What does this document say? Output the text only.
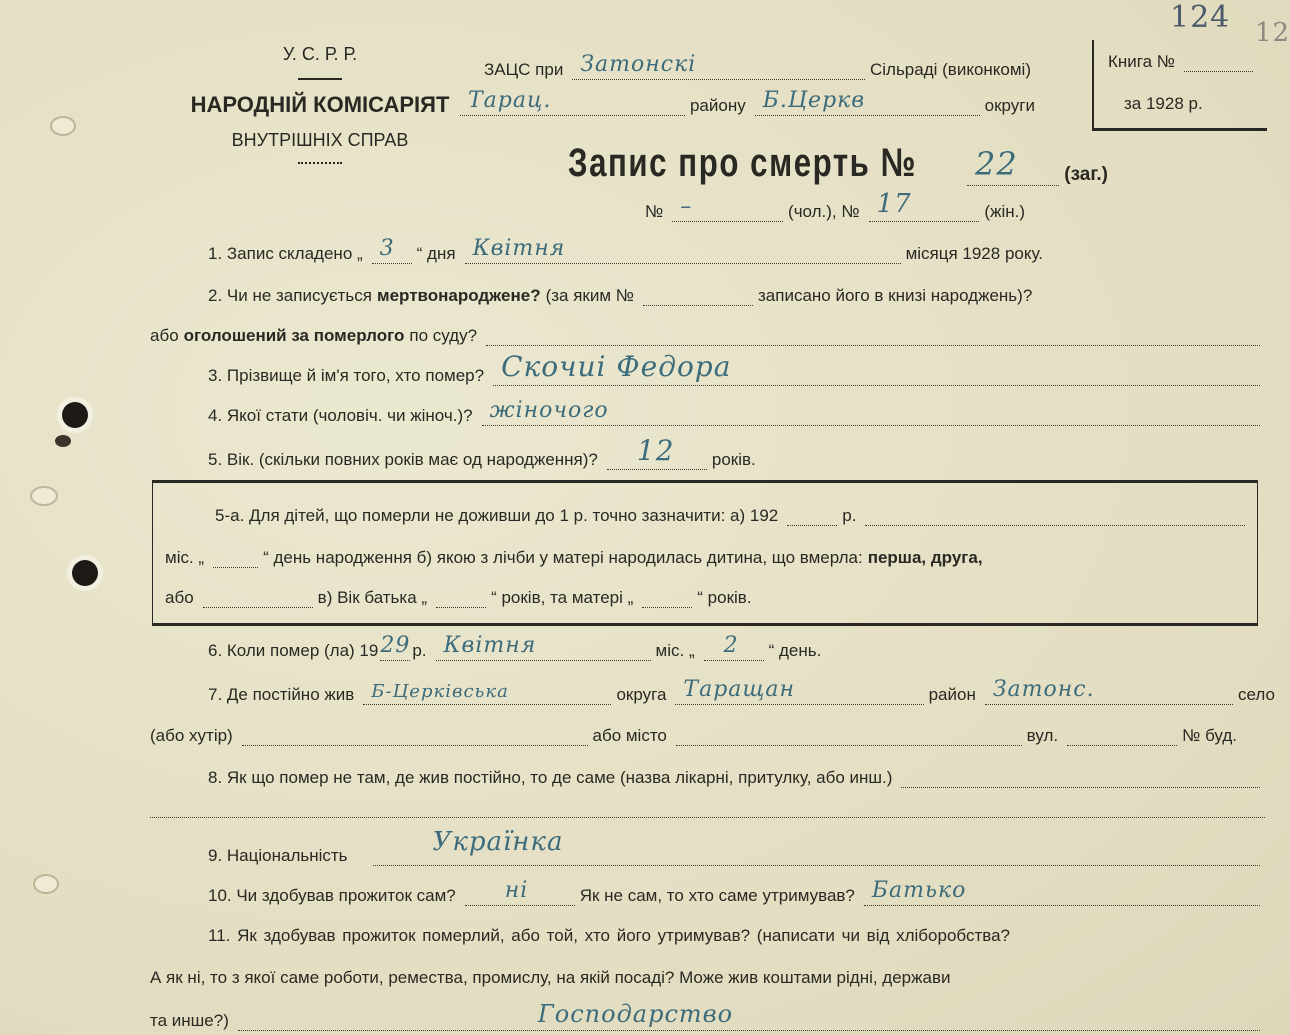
124 12
У. С. Р. Р.
НАРОДНІЙ КОМІСАРІЯТ
ВНУТРІШНІХ СПРАВ
ЗАЦС при Затонскі	Сільраді (виконкомі)
Тарац.	району Б.Церкв	округи
Книга №
за 1928 р.
Запис про смерть № 22 (заг.)
№ –	(чол.), № 17	(жін.)
1. Запис складено „ 3 “ дня Квітня	місяця 1928 року.
2. Чи не записується мертвонароджене? (за яким №	записано його в книзі народжень)?
або оголошений за померлого по суду?
3. Прізвище й ім'я того, хто помер? Скочиі Федора
4. Якої стати (чоловіч. чи жіноч.)? жіночого
5. Вік. (скільки повних років має од народження)? 12 років.
5-а. Для дітей, що померли не доживши до 1 р. точно зазначити: а) 192	р.
міс. „	“ день народження б) якою з лічби у матері народилась дитина, що вмерла: перша, друга,
або	в) Вік батька „	“ років, та матері „	“ років.
6. Коли помер (ла) 19 29 р. Квітня	міс. „ 2 “ день.
7. Де постійно жив Б-Церківська	округа Таращан	район Затонс.	село
(або хутір)	або місто	вул.	№ буд.
8. Як що помер не там, де жив постійно, то де саме (назва лікарні, притулку, або инш.)
9. Національність	Українка
10. Чи здобував прожиток сам? ні	Як не сам, то хто саме утримував? Батько
11. Як здобував прожиток померлий, або той, хто його утримував? (написати чи від хліборобства?
А як ні, то з якої саме роботи, ремества, промислу, на якій посаді? Може жив коштами рідні, держави
та инше?)	Господарство
